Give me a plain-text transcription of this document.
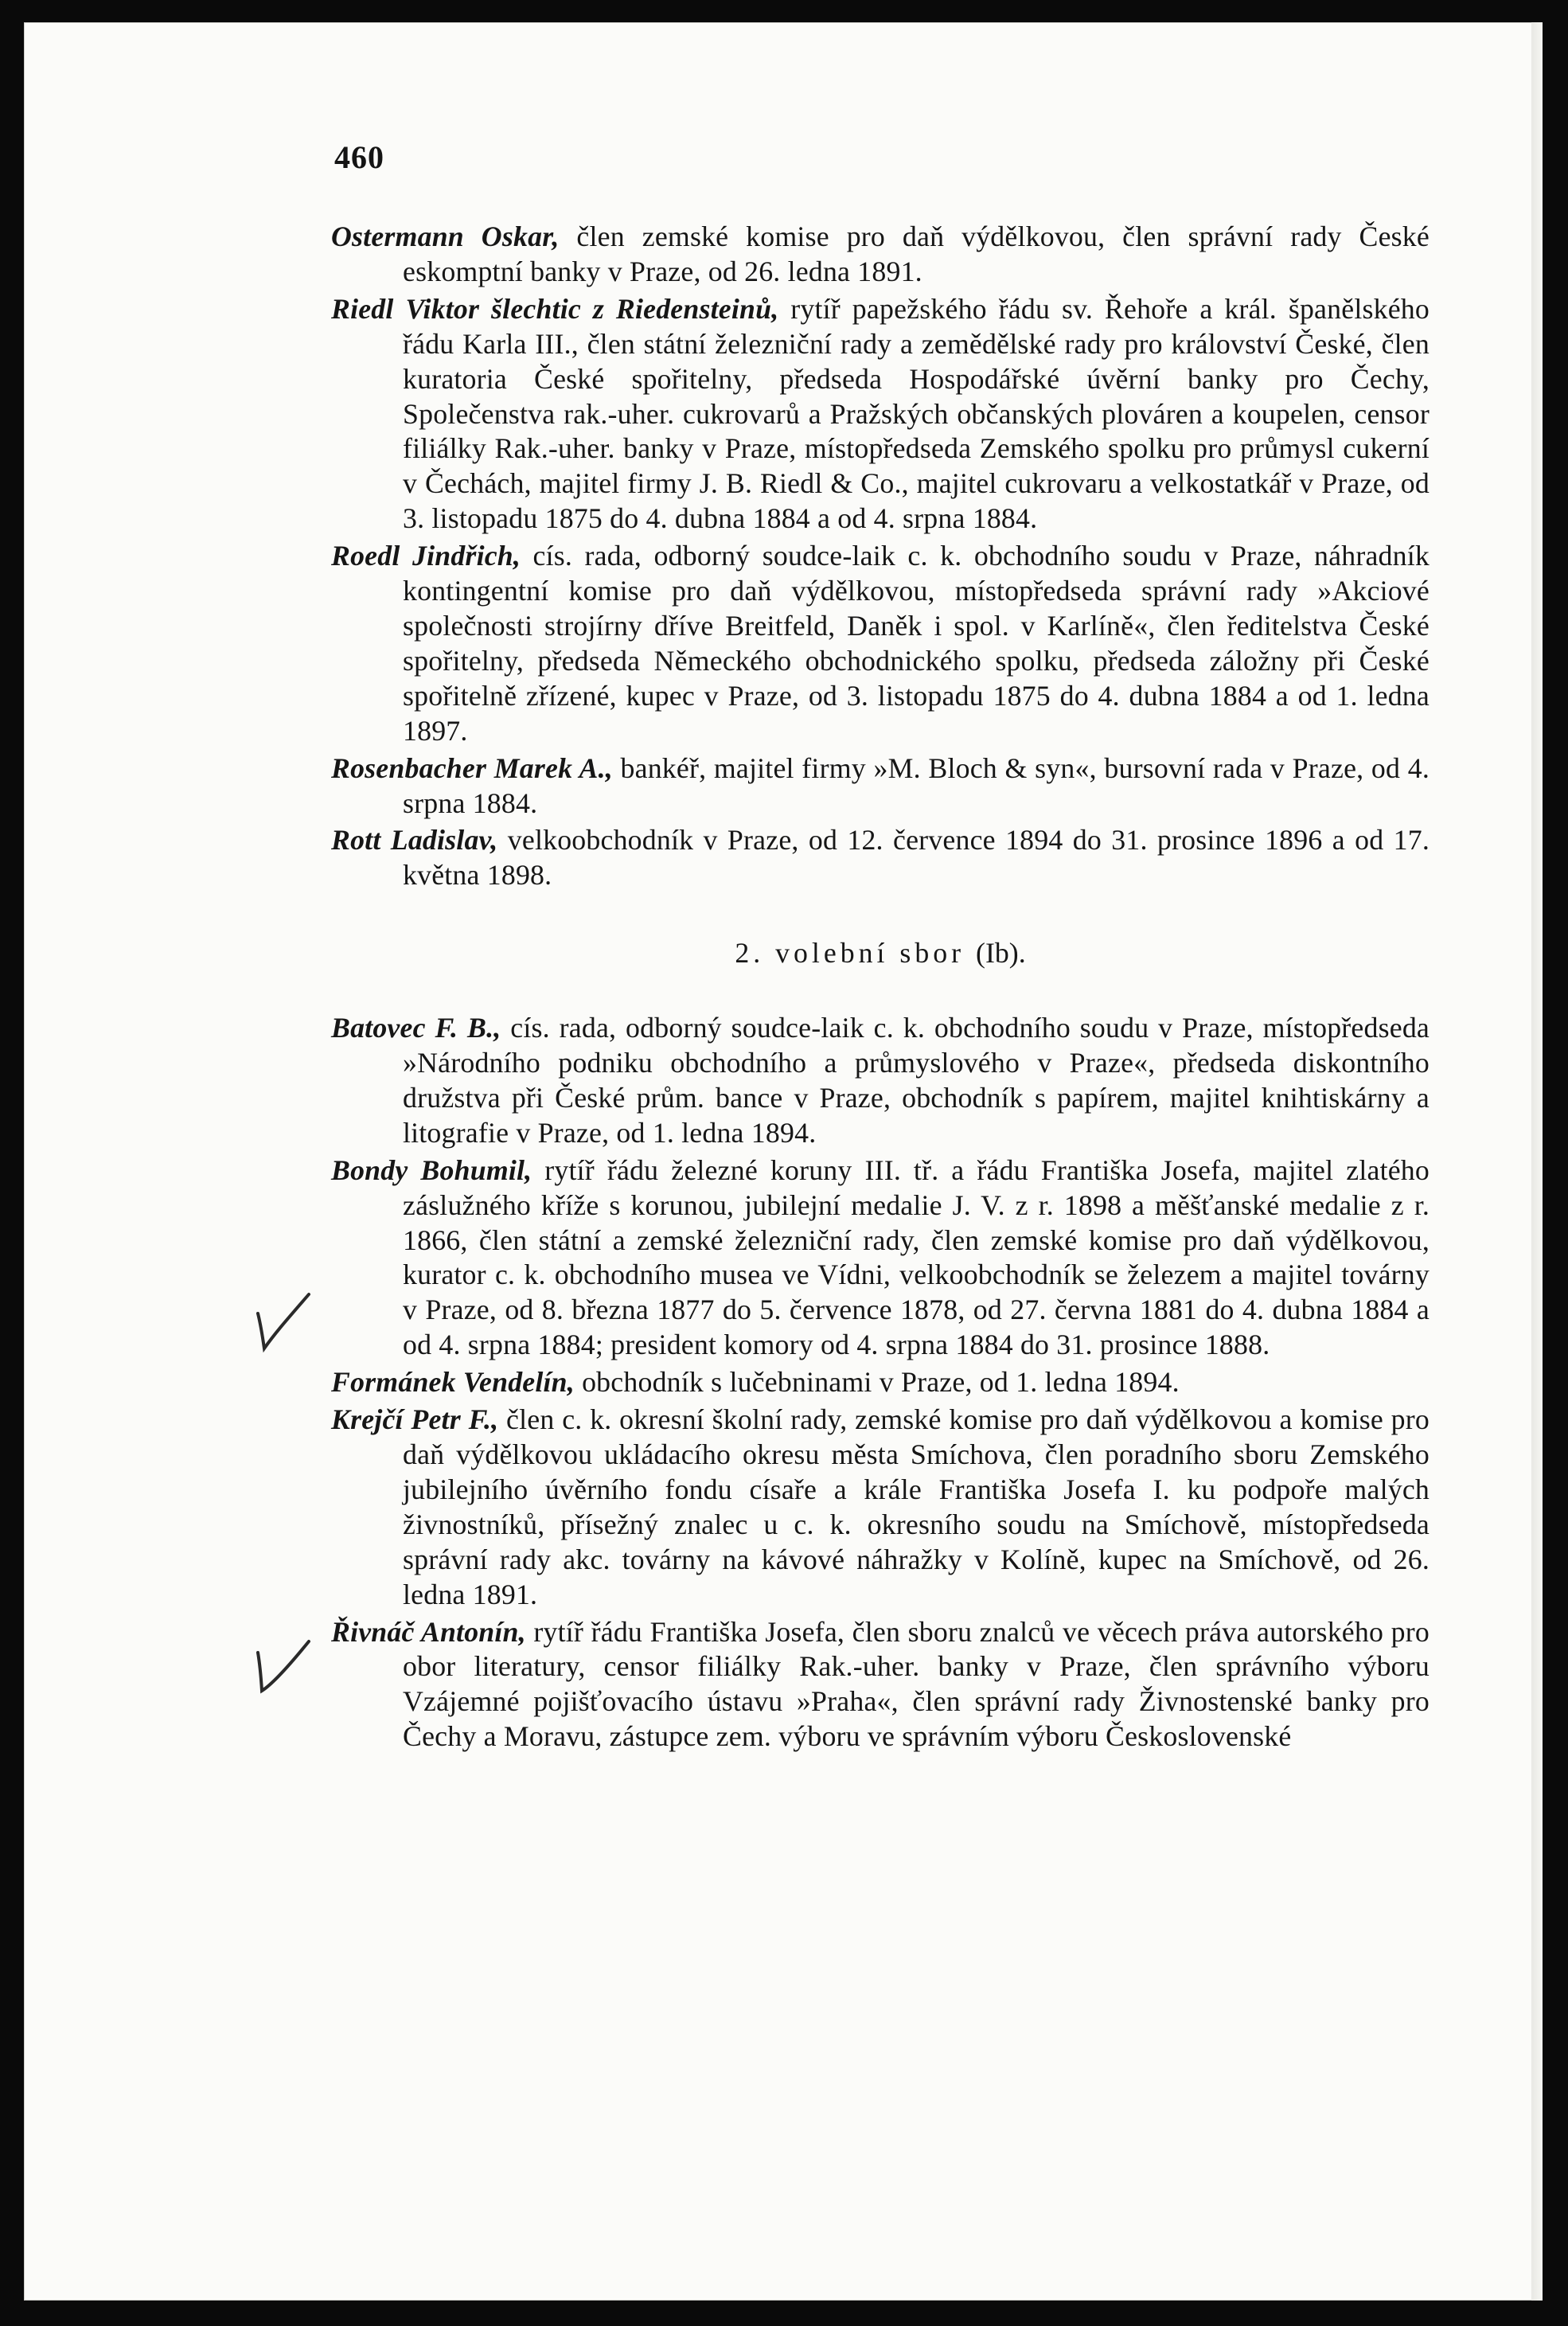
460

Ostermann Oskar, člen zemské komise pro daň výdělkovou, člen správní rady České eskomptní banky v Praze, od 26. ledna 1891.

Riedl Viktor šlechtic z Riedensteinů, rytíř papežského řádu sv. Řehoře a král. španělského řádu Karla III., člen státní železniční rady a zemědělské rady pro království České, člen kuratoria České spořitelny, předseda Hospodářské úvěrní banky pro Čechy, Společenstva rak.-uher. cukrovarů a Pražských občanských plováren a koupelen, censor filiálky Rak.-uher. banky v Praze, místopředseda Zemského spolku pro průmysl cukerní v Čechách, majitel firmy J. B. Riedl & Co., majitel cukrovaru a velkostatkář v Praze, od 3. listopadu 1875 do 4. dubna 1884 a od 4. srpna 1884.

Roedl Jindřich, cís. rada, odborný soudce-laik c. k. obchodního soudu v Praze, náhradník kontingentní komise pro daň výdělkovou, místopředseda správní rady »Akciové společnosti strojírny dříve Breitfeld, Daněk i spol. v Karlíně«, člen ředitelstva České spořitelny, předseda Německého obchodnického spolku, předseda záložny při České spořitelně zřízené, kupec v Praze, od 3. listopadu 1875 do 4. dubna 1884 a od 1. ledna 1897.

Rosenbacher Marek A., bankéř, majitel firmy »M. Bloch & syn«, bursovní rada v Praze, od 4. srpna 1884.

Rott Ladislav, velkoobchodník v Praze, od 12. července 1894 do 31. prosince 1896 a od 17. května 1898.

2. volební sbor (Ib).

Batovec F. B., cís. rada, odborný soudce-laik c. k. obchodního soudu v Praze, místopředseda »Národního podniku obchodního a průmyslového v Praze«, předseda diskontního družstva při České prům. bance v Praze, obchodník s papírem, majitel knihtiskárny a litografie v Praze, od 1. ledna 1894.

Bondy Bohumil, rytíř řádu železné koruny III. tř. a řádu Františka Josefa, majitel zlatého záslužného kříže s korunou, jubilejní medalie J. V. z r. 1898 a měšťanské medalie z r. 1866, člen státní a zemské železniční rady, člen zemské komise pro daň výdělkovou, kurator c. k. obchodního musea ve Vídni, velkoobchodník se železem a majitel továrny v Praze, od 8. března 1877 do 5. července 1878, od 27. června 1881 do 4. dubna 1884 a od 4. srpna 1884; president komory od 4. srpna 1884 do 31. prosince 1888.

Formánek Vendelín, obchodník s lučebninami v Praze, od 1. ledna 1894.

Krejčí Petr F., člen c. k. okresní školní rady, zemské komise pro daň výdělkovou a komise pro daň výdělkovou ukládacího okresu města Smíchova, člen poradního sboru Zemského jubilejního úvěrního fondu císaře a krále Františka Josefa I. ku podpoře malých živnostníků, přísežný znalec u c. k. okresního soudu na Smíchově, místopředseda správní rady akc. továrny na kávové náhražky v Kolíně, kupec na Smíchově, od 26. ledna 1891.

Řivnáč Antonín, rytíř řádu Františka Josefa, člen sboru znalců ve věcech práva autorského pro obor literatury, censor filiálky Rak.-uher. banky v Praze, člen správního výboru Vzájemné pojišťovacího ústavu »Praha«, člen správní rady Živnostenské banky pro Čechy a Moravu, zástupce zem. výboru ve správním výboru Československé
